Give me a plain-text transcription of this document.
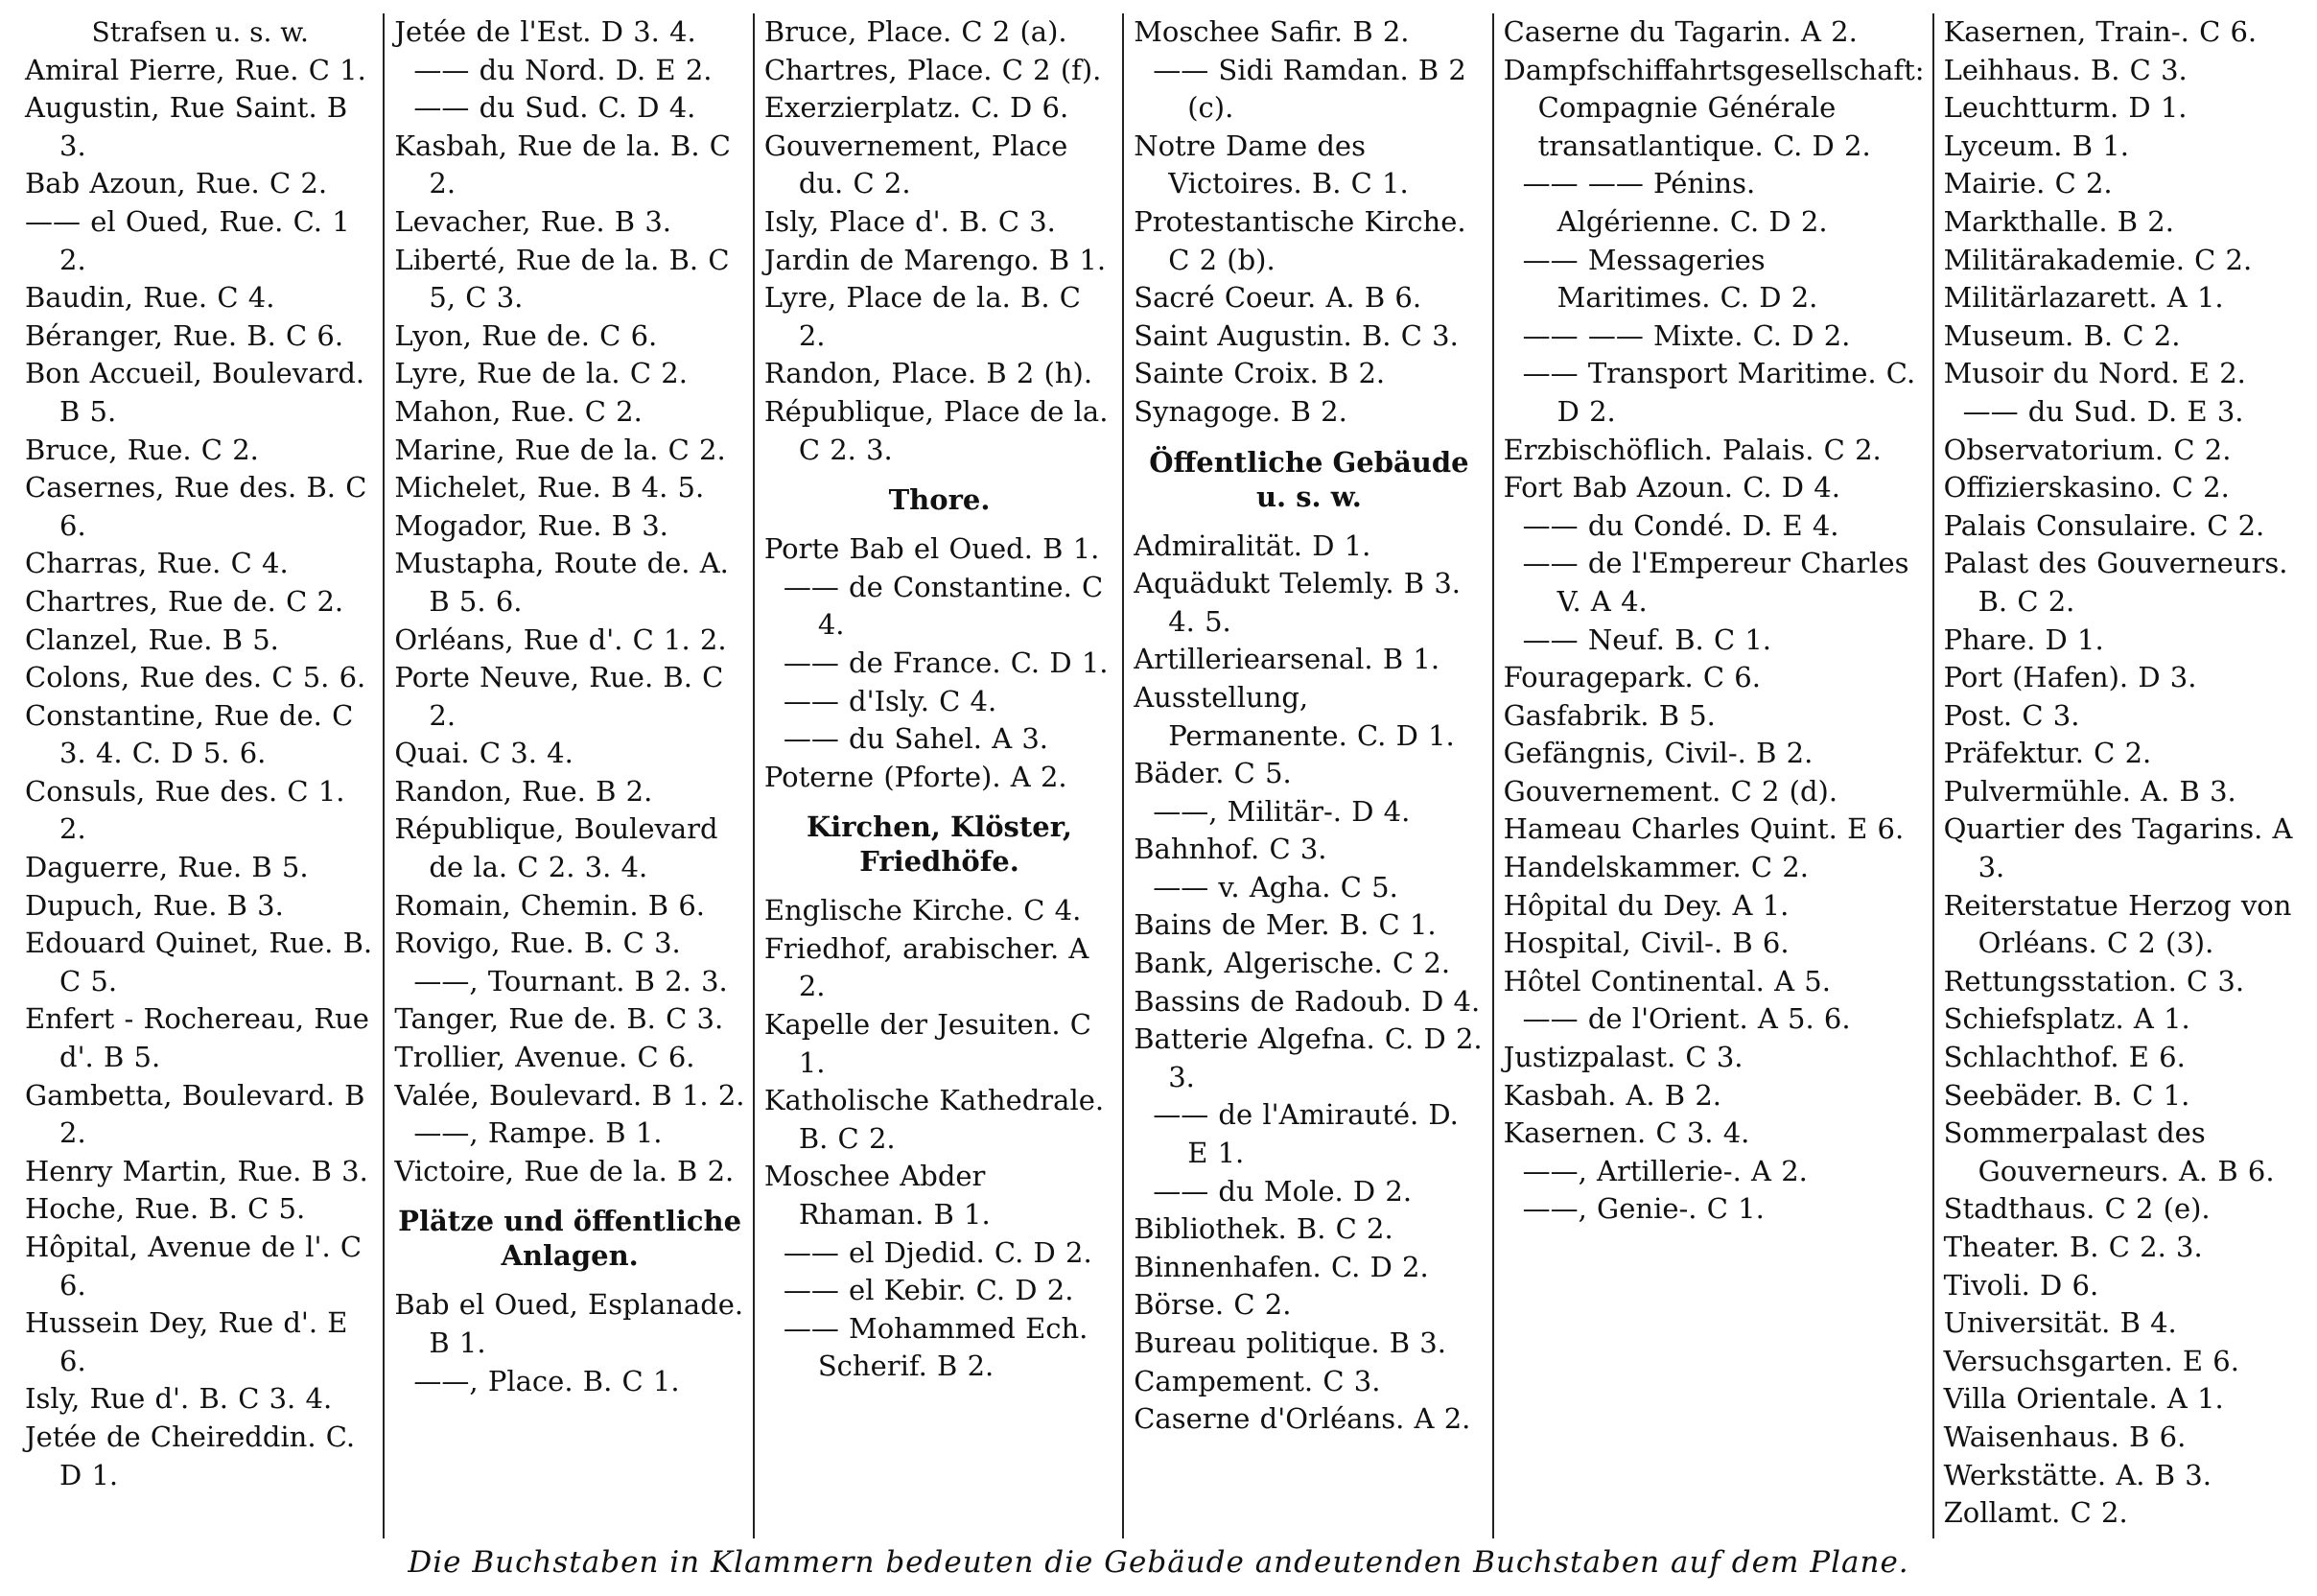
Strafsen u. s. w.
Amiral Pierre, Rue. C 1.
Augustin, Rue Saint. B 3.
Bab Azoun, Rue. C 2.
—— el Oued, Rue. C. 1 2.
Baudin, Rue. C 4.
Béranger, Rue. B. C 6.
Bon Accueil, Boulevard. B 5.
Bruce, Rue. C 2.
Casernes, Rue des. B. C 6.
Charras, Rue. C 4.
Chartres, Rue de. C 2.
Clanzel, Rue. B 5.
Colons, Rue des. C 5. 6.
Constantine, Rue de. C 3. 4. C. D 5. 6.
Consuls, Rue des. C 1. 2.
Daguerre, Rue. B 5.
Dupuch, Rue. B 3.
Edouard Quinet, Rue. B. C 5.
Enfert - Rochereau, Rue d'. B 5.
Gambetta, Boulevard. B 2.
Henry Martin, Rue. B 3.
Hoche, Rue. B. C 5.
Hôpital, Avenue de l'. C 6.
Hussein Dey, Rue d'. E 6.
Isly, Rue d'. B. C 3. 4.
Jetée de Cheireddin. C. D 1.
Jetée de l'Est. D 3. 4.
—— du Nord. D. E 2.
—— du Sud. C. D 4.
Kasbah, Rue de la. B. C 2.
Levacher, Rue. B 3.
Liberté, Rue de la. B. C 5, C 3.
Lyon, Rue de. C 6.
Lyre, Rue de la. C 2.
Mahon, Rue. C 2.
Marine, Rue de la. C 2.
Michelet, Rue. B 4. 5.
Mogador, Rue. B 3.
Mustapha, Route de. A. B 5. 6.
Orléans, Rue d'. C 1. 2.
Porte Neuve, Rue. B. C 2.
Quai. C 3. 4.
Randon, Rue. B 2.
République, Boulevard de la. C 2. 3. 4.
Romain, Chemin. B 6.
Rovigo, Rue. B. C 3.
——, Tournant. B 2. 3.
Tanger, Rue de. B. C 3.
Trollier, Avenue. C 6.
Valée, Boulevard. B 1. 2.
——, Rampe. B 1.
Victoire, Rue de la. B 2.
Plätze und öffentliche Anlagen.
Bab el Oued, Esplanade. B 1.
——, Place. B. C 1.
Bruce, Place. C 2 (a).
Chartres, Place. C 2 (f).
Exerzierplatz. C. D 6.
Gouvernement, Place du. C 2.
Isly, Place d'. B. C 3.
Jardin de Marengo. B 1.
Lyre, Place de la. B. C 2.
Randon, Place. B 2 (h).
République, Place de la. C 2. 3.
Thore.
Porte Bab el Oued. B 1.
—— de Constantine. C 4.
—— de France. C. D 1.
—— d'Isly. C 4.
—— du Sahel. A 3.
Poterne (Pforte). A 2.
Kirchen, Klöster, Friedhöfe.
Englische Kirche. C 4.
Friedhof, arabischer. A 2.
Kapelle der Jesuiten. C 1.
Katholische Kathedrale. B. C 2.
Moschee Abder Rhaman. B 1.
—— el Djedid. C. D 2.
—— el Kebir. C. D 2.
—— Mohammed Ech. Scherif. B 2.
Moschee Safir. B 2.
—— Sidi Ramdan. B 2 (c).
Notre Dame des Victoires. B. C 1.
Protestantische Kirche. C 2 (b).
Sacré Coeur. A. B 6.
Saint Augustin. B. C 3.
Sainte Croix. B 2.
Synagoge. B 2.
Öffentliche Gebäude u. s. w.
Admiralität. D 1.
Aquädukt Telemly. B 3. 4. 5.
Artilleriearsenal. B 1.
Ausstellung, Permanente. C. D 1.
Bäder. C 5.
——, Militär-. D 4.
Bahnhof. C 3.
—— v. Agha. C 5.
Bains de Mer. B. C 1.
Bank, Algerische. C 2.
Bassins de Radoub. D 4.
Batterie Algefna. C. D 2. 3.
—— de l'Amirauté. D. E 1.
—— du Mole. D 2.
Bibliothek. B. C 2.
Binnenhafen. C. D 2.
Börse. C 2.
Bureau politique. B 3.
Campement. C 3.
Caserne d'Orléans. A 2.
Caserne du Tagarin. A 2.
Dampfschiffahrtsgesellschaft: Compagnie Générale transatlantique. C. D 2.
—— —— Pénins. Algérienne. C. D 2.
—— Messageries Maritimes. C. D 2.
—— —— Mixte. C. D 2.
—— Transport Maritime. C. D 2.
Erzbischöflich. Palais. C 2.
Fort Bab Azoun. C. D 4.
—— du Condé. D. E 4.
—— de l'Empereur Charles V. A 4.
—— Neuf. B. C 1.
Fouragepark. C 6.
Gasfabrik. B 5.
Gefängnis, Civil-. B 2.
Gouvernement. C 2 (d).
Hameau Charles Quint. E 6.
Handelskammer. C 2.
Hôpital du Dey. A 1.
Hospital, Civil-. B 6.
Hôtel Continental. A 5.
—— de l'Orient. A 5. 6.
Justizpalast. C 3.
Kasbah. A. B 2.
Kasernen. C 3. 4.
——, Artillerie-. A 2.
——, Genie-. C 1.
Kasernen, Train-. C 6.
Leihhaus. B. C 3.
Leuchtturm. D 1.
Lyceum. B 1.
Mairie. C 2.
Markthalle. B 2.
Militärakademie. C 2.
Militärlazarett. A 1.
Museum. B. C 2.
Musoir du Nord. E 2.
—— du Sud. D. E 3.
Observatorium. C 2.
Offizierskasino. C 2.
Palais Consulaire. C 2.
Palast des Gouverneurs. B. C 2.
Phare. D 1.
Port (Hafen). D 3.
Post. C 3.
Präfektur. C 2.
Pulvermühle. A. B 3.
Quartier des Tagarins. A 3.
Reiterstatue Herzog von Orléans. C 2 (3).
Rettungsstation. C 3.
Schiefsplatz. A 1.
Schlachthof. E 6.
Seebäder. B. C 1.
Sommerpalast des Gouverneurs. A. B 6.
Stadthaus. C 2 (e).
Theater. B. C 2. 3.
Tivoli. D 6.
Universität. B 4.
Versuchsgarten. E 6.
Villa Orientale. A 1.
Waisenhaus. B 6.
Werkstätte. A. B 3.
Zollamt. C 2.
Die Buchstaben in Klammern bedeuten die Gebäude andeutenden Buchstaben auf dem Plane.
